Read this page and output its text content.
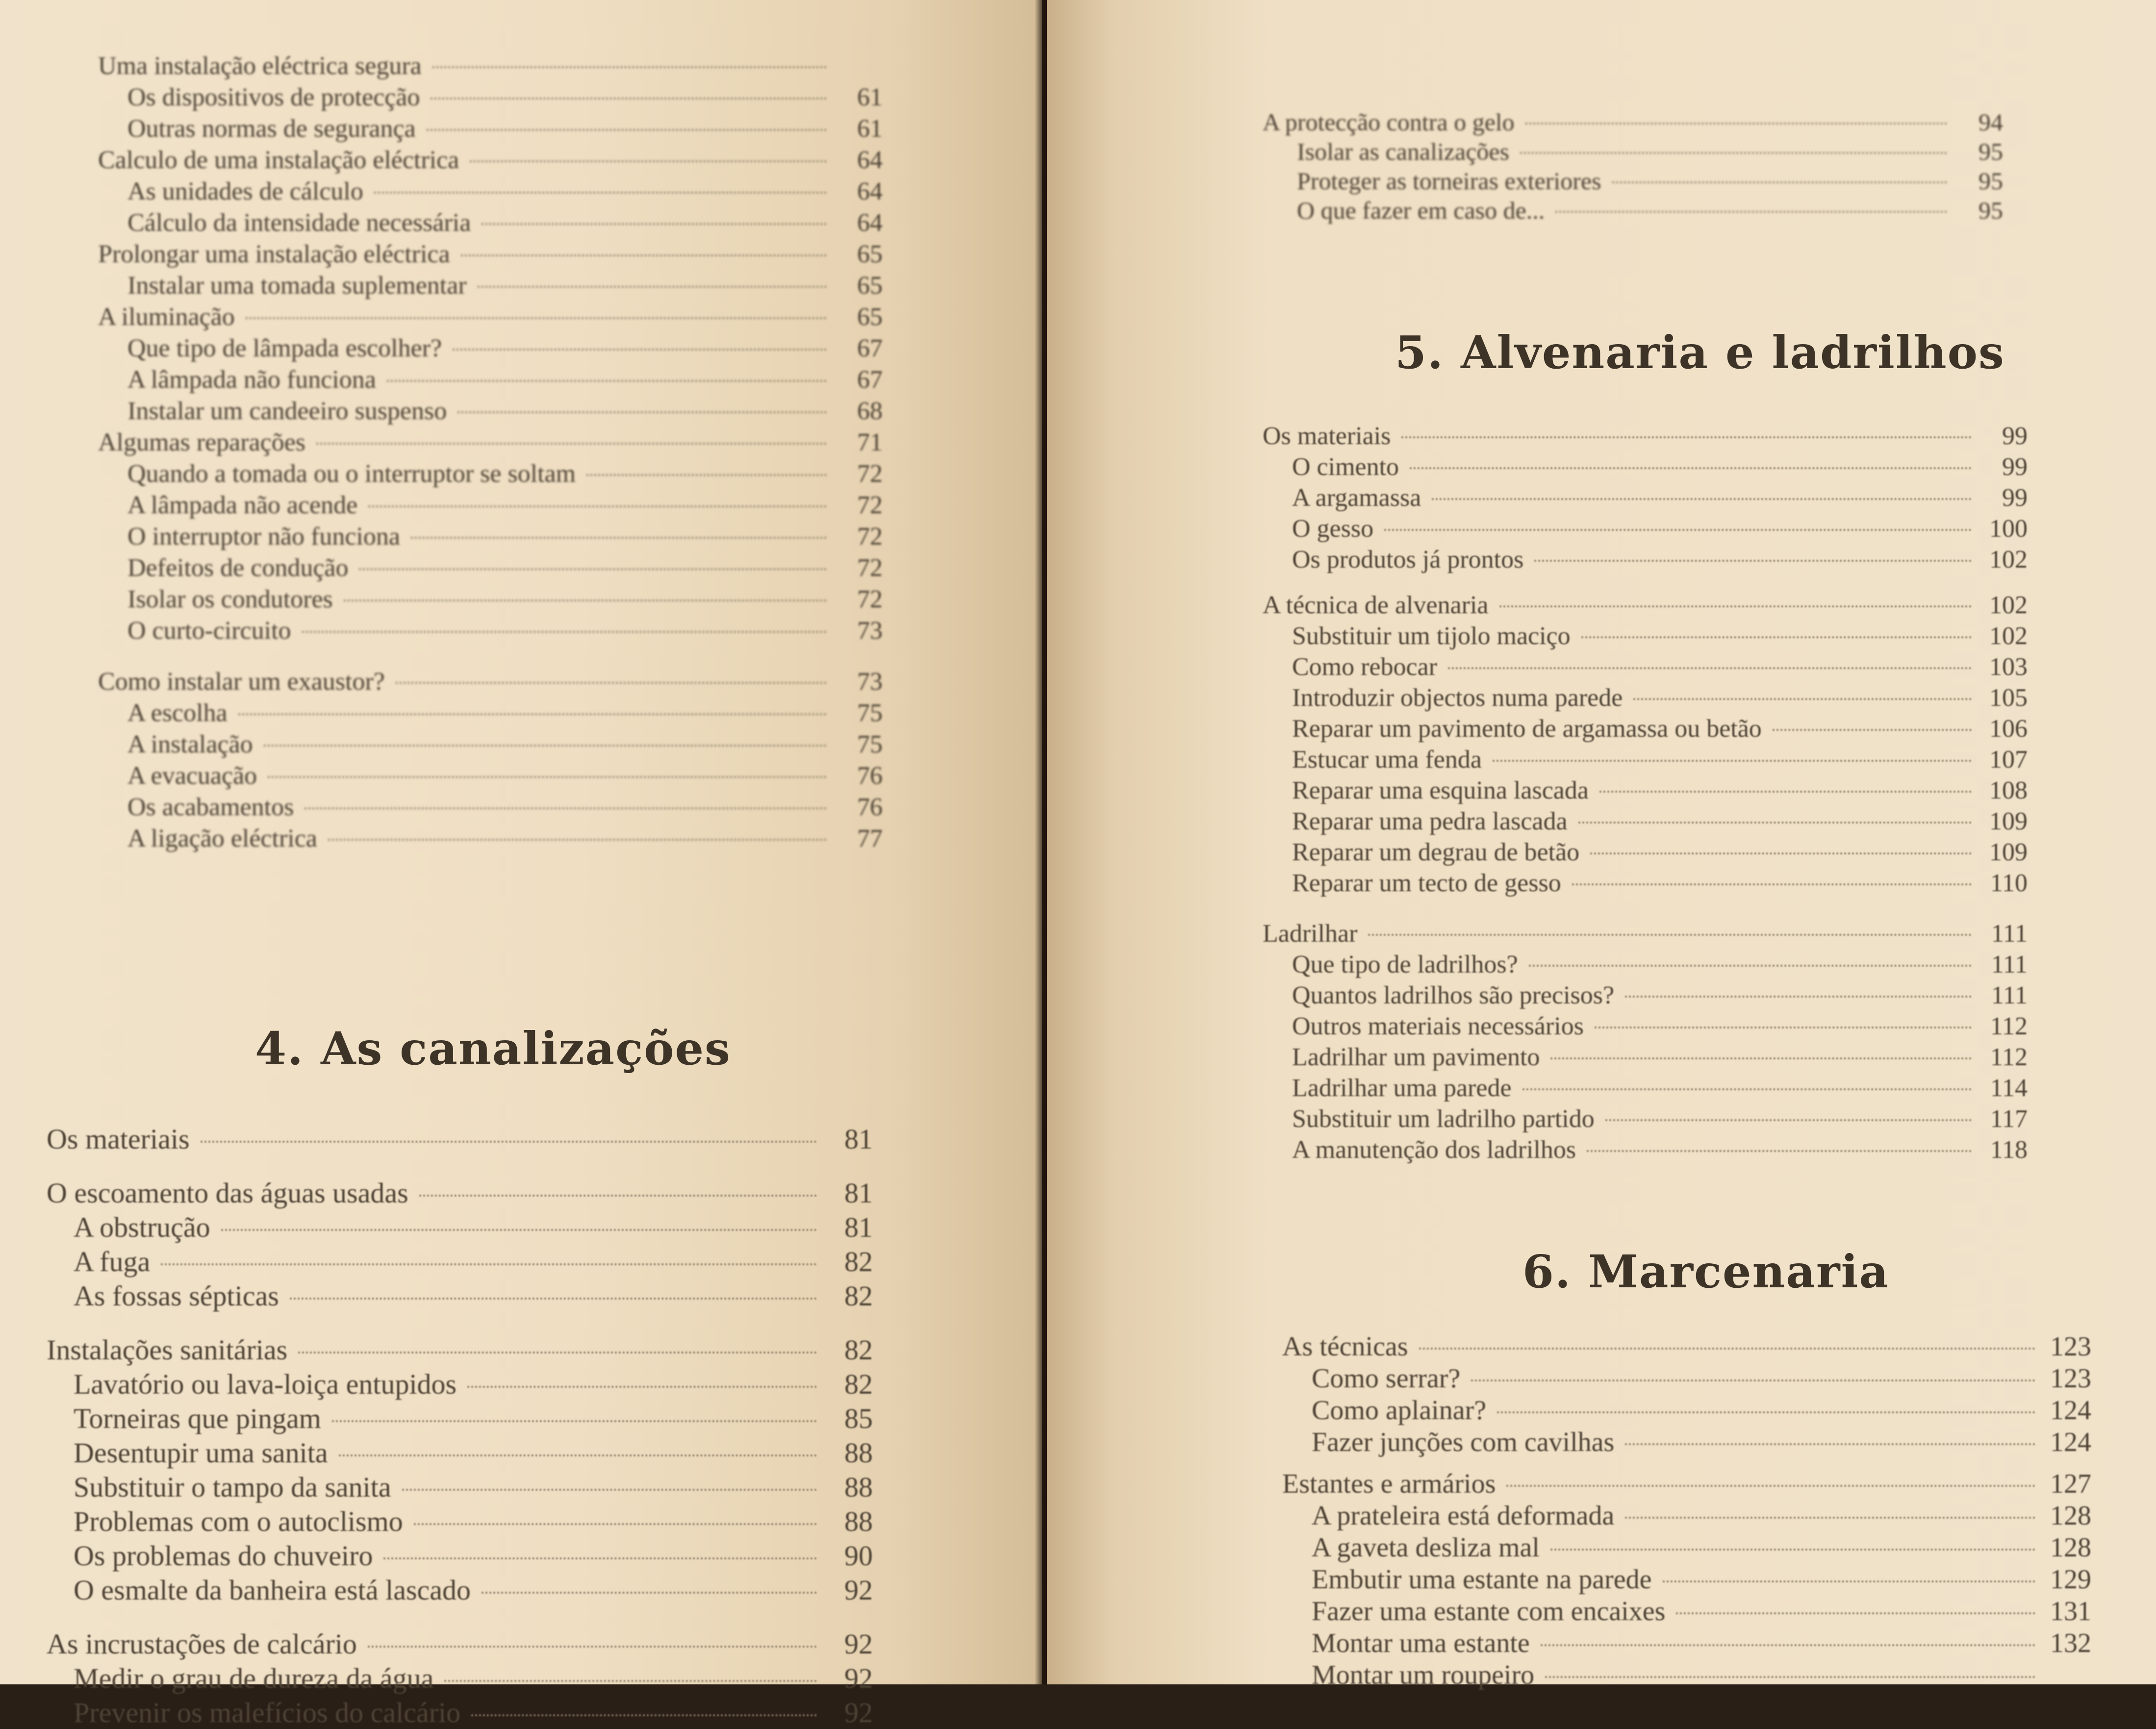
Uma instalação eléctrica segura
Os dispositivos de protecção	61
Outras normas de segurança	61
Calculo de uma instalação eléctrica	64
As unidades de cálculo	64
Cálculo da intensidade necessária	64
Prolongar uma instalação eléctrica	65
Instalar uma tomada suplementar	65
A iluminação	65
Que tipo de lâmpada escolher?	67
A lâmpada não funciona	67
Instalar um candeeiro suspenso	68
Algumas reparações	71
Quando a tomada ou o interruptor se soltam	72
A lâmpada não acende	72
O interruptor não funciona	72
Defeitos de condução	72
Isolar os condutores	72
O curto-circuito	73
Como instalar um exaustor?	73
A escolha	75
A instalação	75
A evacuação	76
Os acabamentos	76
A ligação eléctrica	77
4. As canalizações
Os materiais	81
O escoamento das águas usadas	81
A obstrução	81
A fuga	82
As fossas sépticas	82
Instalações sanitárias	82
Lavatório ou lava-loiça entupidos	82
Torneiras que pingam	85
Desentupir uma sanita	88
Substituir o tampo da sanita	88
Problemas com o autoclismo	88
Os problemas do chuveiro	90
O esmalte da banheira está lascado	92
As incrustações de calcário	92
Medir o grau de dureza da água	92
Prevenir os malefícios do calcário	92
A protecção contra o gelo	94
Isolar as canalizações	95
Proteger as torneiras exteriores	95
O que fazer em caso de...	95
5. Alvenaria e ladrilhos
Os materiais	99
O cimento	99
A argamassa	99
O gesso	100
Os produtos já prontos	102
A técnica de alvenaria	102
Substituir um tijolo maciço	102
Como rebocar	103
Introduzir objectos numa parede	105
Reparar um pavimento de argamassa ou betão	106
Estucar uma fenda	107
Reparar uma esquina lascada	108
Reparar uma pedra lascada	109
Reparar um degrau de betão	109
Reparar um tecto de gesso	110
Ladrilhar	111
Que tipo de ladrilhos?	111
Quantos ladrilhos são precisos?	111
Outros materiais necessários	112
Ladrilhar um pavimento	112
Ladrilhar uma parede	114
Substituir um ladrilho partido	117
A manutenção dos ladrilhos	118
6. Marcenaria
As técnicas	123
Como serrar?	123
Como aplainar?	124
Fazer junções com cavilhas	124
Estantes e armários	127
A prateleira está deformada	128
A gaveta desliza mal	128
Embutir uma estante na parede	129
Fazer uma estante com encaixes	131
Montar uma estante	132
Montar um roupeiro
